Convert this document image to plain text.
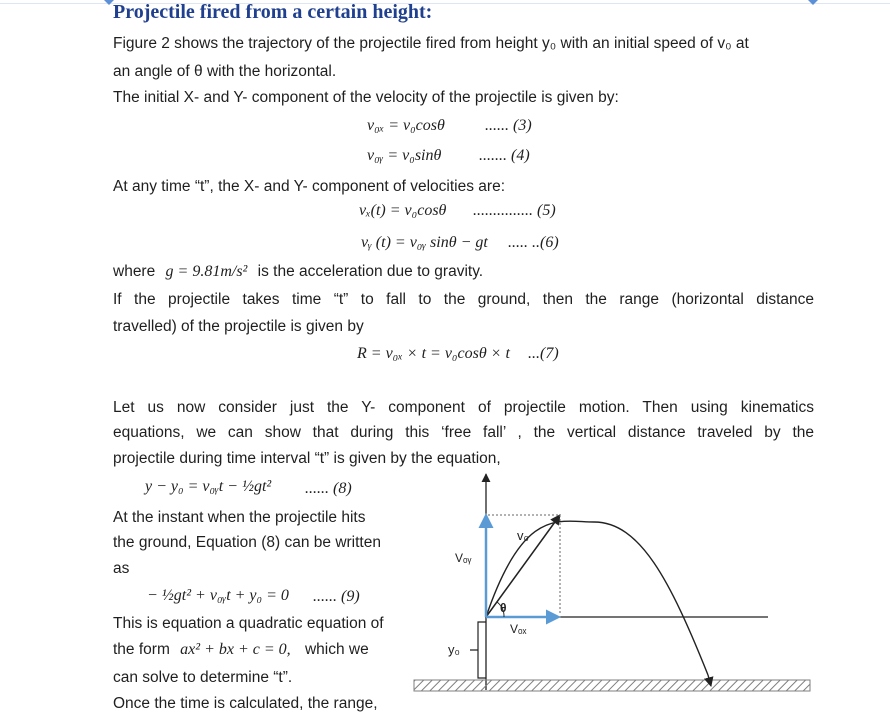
Projectile fired from a certain height:
Figure 2 shows the trajectory of the projectile fired from height y₀ with an initial speed of v₀ at
an angle of θ with the horizontal.
The initial X- and Y- component of the velocity of the projectile is given by:
v₀ₓ = v₀cosθ	...... (3)
v₀ᵧ = v₀sinθ ....... (4)
At any time “t”, the X- and Y- component of velocities are:
vₓ(t) = v₀cosθ ............... (5)
vᵧ (t) = v₀ᵧ sinθ − gt ..... ..(6)
where g = 9.81m/s² is the acceleration due to gravity.
If the projectile takes time “t” to fall to the ground, then the range (horizontal distance
travelled) of the projectile is given by
R = v₀ₓ × t = v₀cosθ × t ...(7)
Let us now consider just the Y- component of projectile motion. Then using kinematics
equations, we can show that during this ‘free fall’ , the vertical distance traveled by the
projectile during time interval “t” is given by the equation,
y − y₀ = v₀ᵧt − ½gt² ...... (8)
At the instant when the projectile hits
the ground, Equation (8) can be written
as
− ½gt² + v₀ᵧt + y₀ = 0 ...... (9)
This is equation a quadratic equation of
the form ax² + bx + c = 0, which we
can solve to determine “t”.
Once the time is calculated, the range,
v₀
Vₒᵧ
Vₒₓ
θ
y₀
